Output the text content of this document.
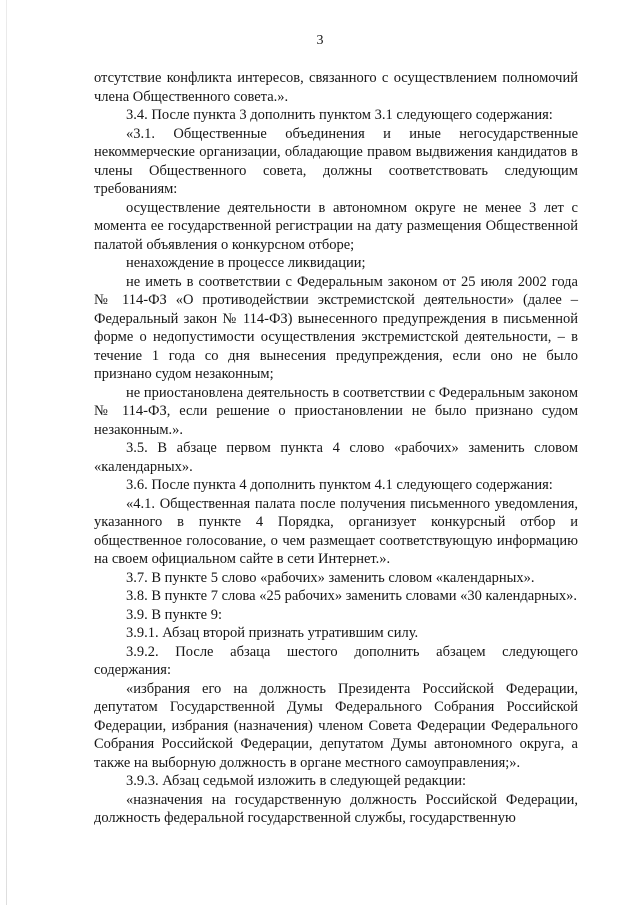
3

отсутствие конфликта интересов, связанного с осуществлением полномочий члена Общественного совета.».

3.4. После пункта 3 дополнить пунктом 3.1 следующего содержания:

«3.1. Общественные объединения и иные негосударственные некоммерческие организации, обладающие правом выдвижения кандидатов в члены Общественного совета, должны соответствовать следующим требованиям:

осуществление деятельности в автономном округе не менее 3 лет с момента ее государственной регистрации на дату размещения Общественной палатой объявления о конкурсном отборе;

ненахождение в процессе ликвидации;

не иметь в соответствии с Федеральным законом от 25 июля 2002 года № 114-ФЗ «О противодействии экстремистской деятельности» (далее – Федеральный закон № 114-ФЗ) вынесенного предупреждения в письменной форме о недопустимости осуществления экстремистской деятельности, – в течение 1 года со дня вынесения предупреждения, если оно не было признано судом незаконным;

не приостановлена деятельность в соответствии с Федеральным законом № 114-ФЗ, если решение о приостановлении не было признано судом незаконным.».

3.5. В абзаце первом пункта 4 слово «рабочих» заменить словом «календарных».

3.6. После пункта 4 дополнить пунктом 4.1 следующего содержания:

«4.1. Общественная палата после получения письменного уведомления, указанного в пункте 4 Порядка, организует конкурсный отбор и общественное голосование, о чем размещает соответствующую информацию на своем официальном сайте в сети Интернет.».

3.7. В пункте 5 слово «рабочих» заменить словом «календарных».

3.8. В пункте 7 слова «25 рабочих» заменить словами «30 календарных».

3.9. В пункте 9:

3.9.1. Абзац второй признать утратившим силу.

3.9.2. После абзаца шестого дополнить абзацем следующего содержания:

«избрания его на должность Президента Российской Федерации, депутатом Государственной Думы Федерального Собрания Российской Федерации, избрания (назначения) членом Совета Федерации Федерального Собрания Российской Федерации, депутатом Думы автономного округа, а также на выборную должность в органе местного самоуправления;».

3.9.3. Абзац седьмой изложить в следующей редакции:

«назначения на государственную должность Российской Федерации, должность федеральной государственной службы, государственную
